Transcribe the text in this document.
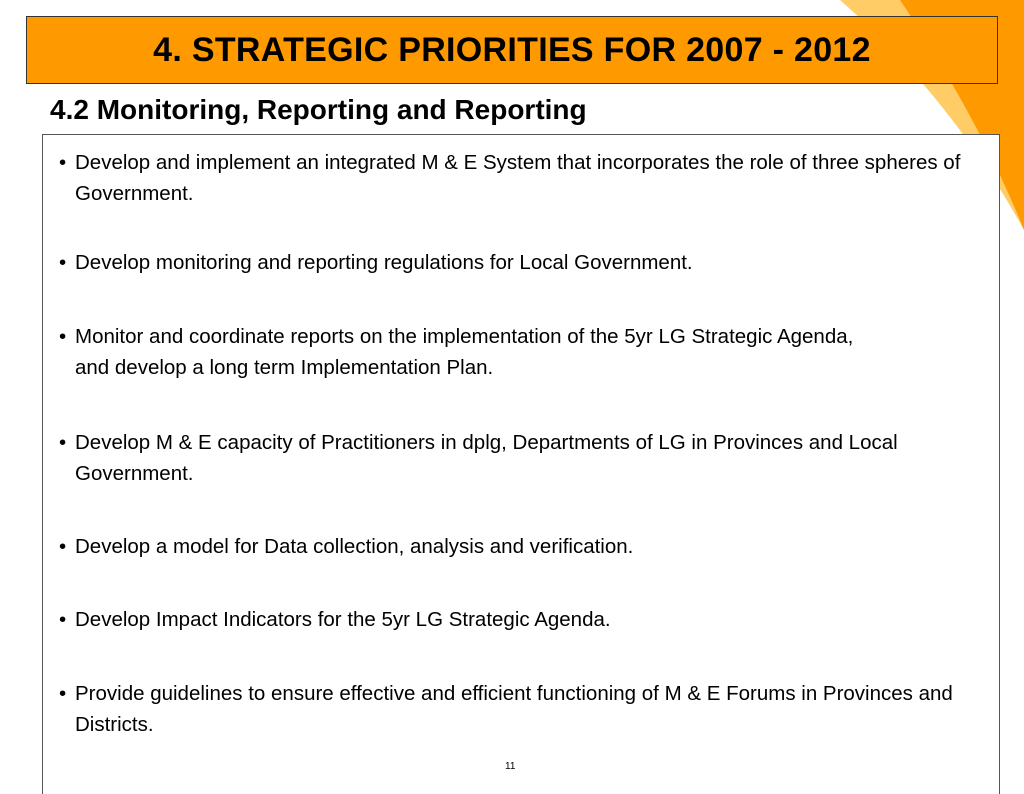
4. STRATEGIC PRIORITIES FOR 2007 - 2012
4.2 Monitoring, Reporting and Reporting
• Develop and implement an integrated M & E System that incorporates the role of three spheres of Government.
• Develop monitoring and reporting regulations for Local Government.
• Monitor and coordinate reports on the implementation of the 5yr LG Strategic Agenda, and develop a long term Implementation Plan.
• Develop M & E capacity of Practitioners in dplg, Departments of LG in Provinces and Local Government.
• Develop a model for Data collection, analysis and verification.
• Develop Impact Indicators for the 5yr LG Strategic Agenda.
• Provide guidelines to ensure effective and efficient functioning of M & E Forums in Provinces and Districts.
11
